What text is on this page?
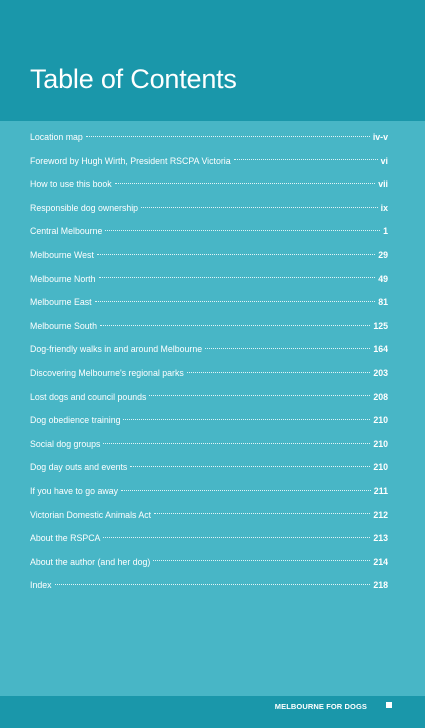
Table of Contents
Location map	iv-v
Foreword by Hugh Wirth, President RSCPA Victoria	vi
How to use this book	vii
Responsible dog ownership	ix
Central Melbourne	1
Melbourne West	29
Melbourne North	49
Melbourne East	81
Melbourne South	125
Dog-friendly walks in and around Melbourne	164
Discovering Melbourne's regional parks	203
Lost dogs and council pounds	208
Dog obedience training	210
Social dog groups	210
Dog day outs and events	210
If you have to go away	211
Victorian Domestic Animals Act	212
About the RSPCA	213
About the author (and her dog)	214
Index	218
MELBOURNE FOR DOGS
